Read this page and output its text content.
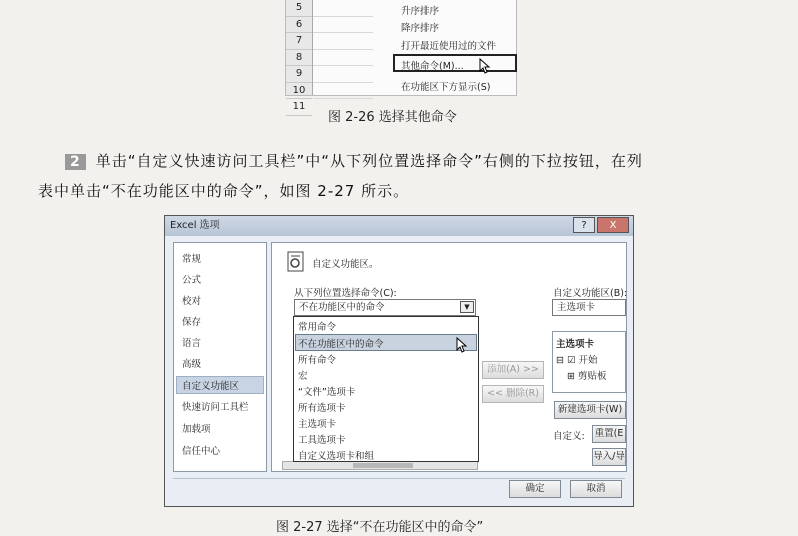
5
6
7
8
9
10
11
升序排序
降序排序
打开最近使用过的文件
其他命令(M)...
在功能区下方显示(S)
图 2-26 选择其他命令
2 单击“自定义快速访问工具栏”中“从下列位置选择命令”右侧的下拉按钮，在列
表中单击“不在功能区中的命令”，如图 2-27 所示。
Excel 选项	?	X
常规
公式
校对
保存
语言
高级
自定义功能区
快速访问工具栏
加载项
信任中心
自定义功能区。
从下列位置选择命令(C):
不在功能区中的命令	▼
自定义功能区(B):
主选项卡
添加(A) >>
<< 删除(R)
主选项卡
⊟ ☑ 开始
⊞ 剪贴板
新建选项卡(W)
自定义: 重置(E
导入/导
常用命令
不在功能区中的命令
所有命令
宏
“文件”选项卡
所有选项卡
主选项卡
工具选项卡
自定义选项卡和组
确定	取消
图 2-27 选择“不在功能区中的命令”
